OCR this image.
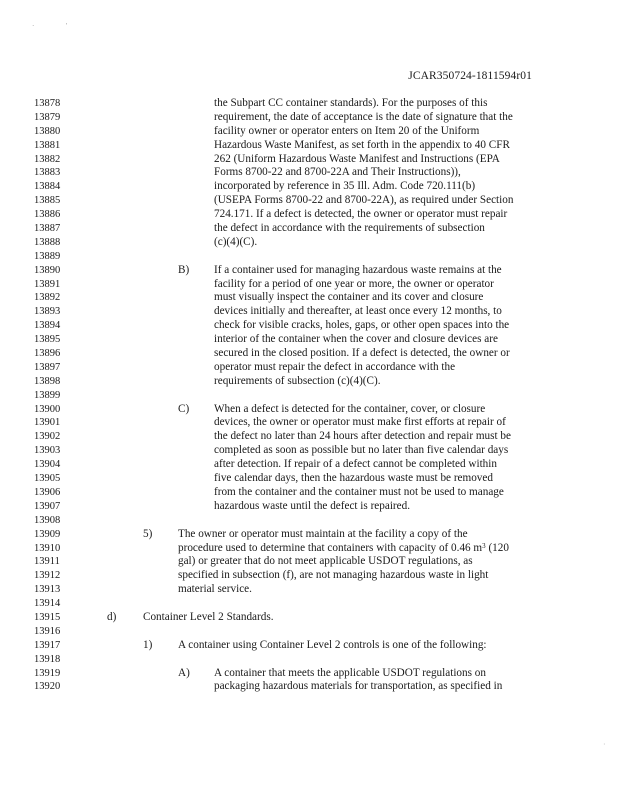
·	'
JCAR350724-1811594r01
13878	the Subpart CC container standards). For the purposes of this
13879	requirement, the date of acceptance is the date of signature that the
13880	facility owner or operator enters on Item 20 of the Uniform
13881	Hazardous Waste Manifest, as set forth in the appendix to 40 CFR
13882	262 (Uniform Hazardous Waste Manifest and Instructions (EPA
13883	Forms 8700-22 and 8700-22A and Their Instructions)),
13884	incorporated by reference in 35 Ill. Adm. Code 720.111(b)
13885	(USEPA Forms 8700-22 and 8700-22A), as required under Section
13886	724.171. If a defect is detected, the owner or operator must repair
13887	the defect in accordance with the requirements of subsection
13888	(c)(4)(C).
13889
13890	B) If a container used for managing hazardous waste remains at the
13891	facility for a period of one year or more, the owner or operator
13892	must visually inspect the container and its cover and closure
13893	devices initially and thereafter, at least once every 12 months, to
13894	check for visible cracks, holes, gaps, or other open spaces into the
13895	interior of the container when the cover and closure devices are
13896	secured in the closed position. If a defect is detected, the owner or
13897	operator must repair the defect in accordance with the
13898	requirements of subsection (c)(4)(C).
13899
13900	C) When a defect is detected for the container, cover, or closure
13901	devices, the owner or operator must make first efforts at repair of
13902	the defect no later than 24 hours after detection and repair must be
13903	completed as soon as possible but no later than five calendar days
13904	after detection. If repair of a defect cannot be completed within
13905	five calendar days, then the hazardous waste must be removed
13906	from the container and the container must not be used to manage
13907	hazardous waste until the defect is repaired.
13908
13909	5) The owner or operator must maintain at the facility a copy of the
13910	procedure used to determine that containers with capacity of 0.46 $m^3$ (120
13911	gal) or greater that do not meet applicable USDOT regulations, as
13912	specified in subsection (f), are not managing hazardous waste in light
13913	material service.
13914
13915	d) Container Level 2 Standards.
13916
13917	1) A container using Container Level 2 controls is one of the following:
13918
13919	A) A container that meets the applicable USDOT regulations on
13920	packaging hazardous materials for transportation, as specified in
·
